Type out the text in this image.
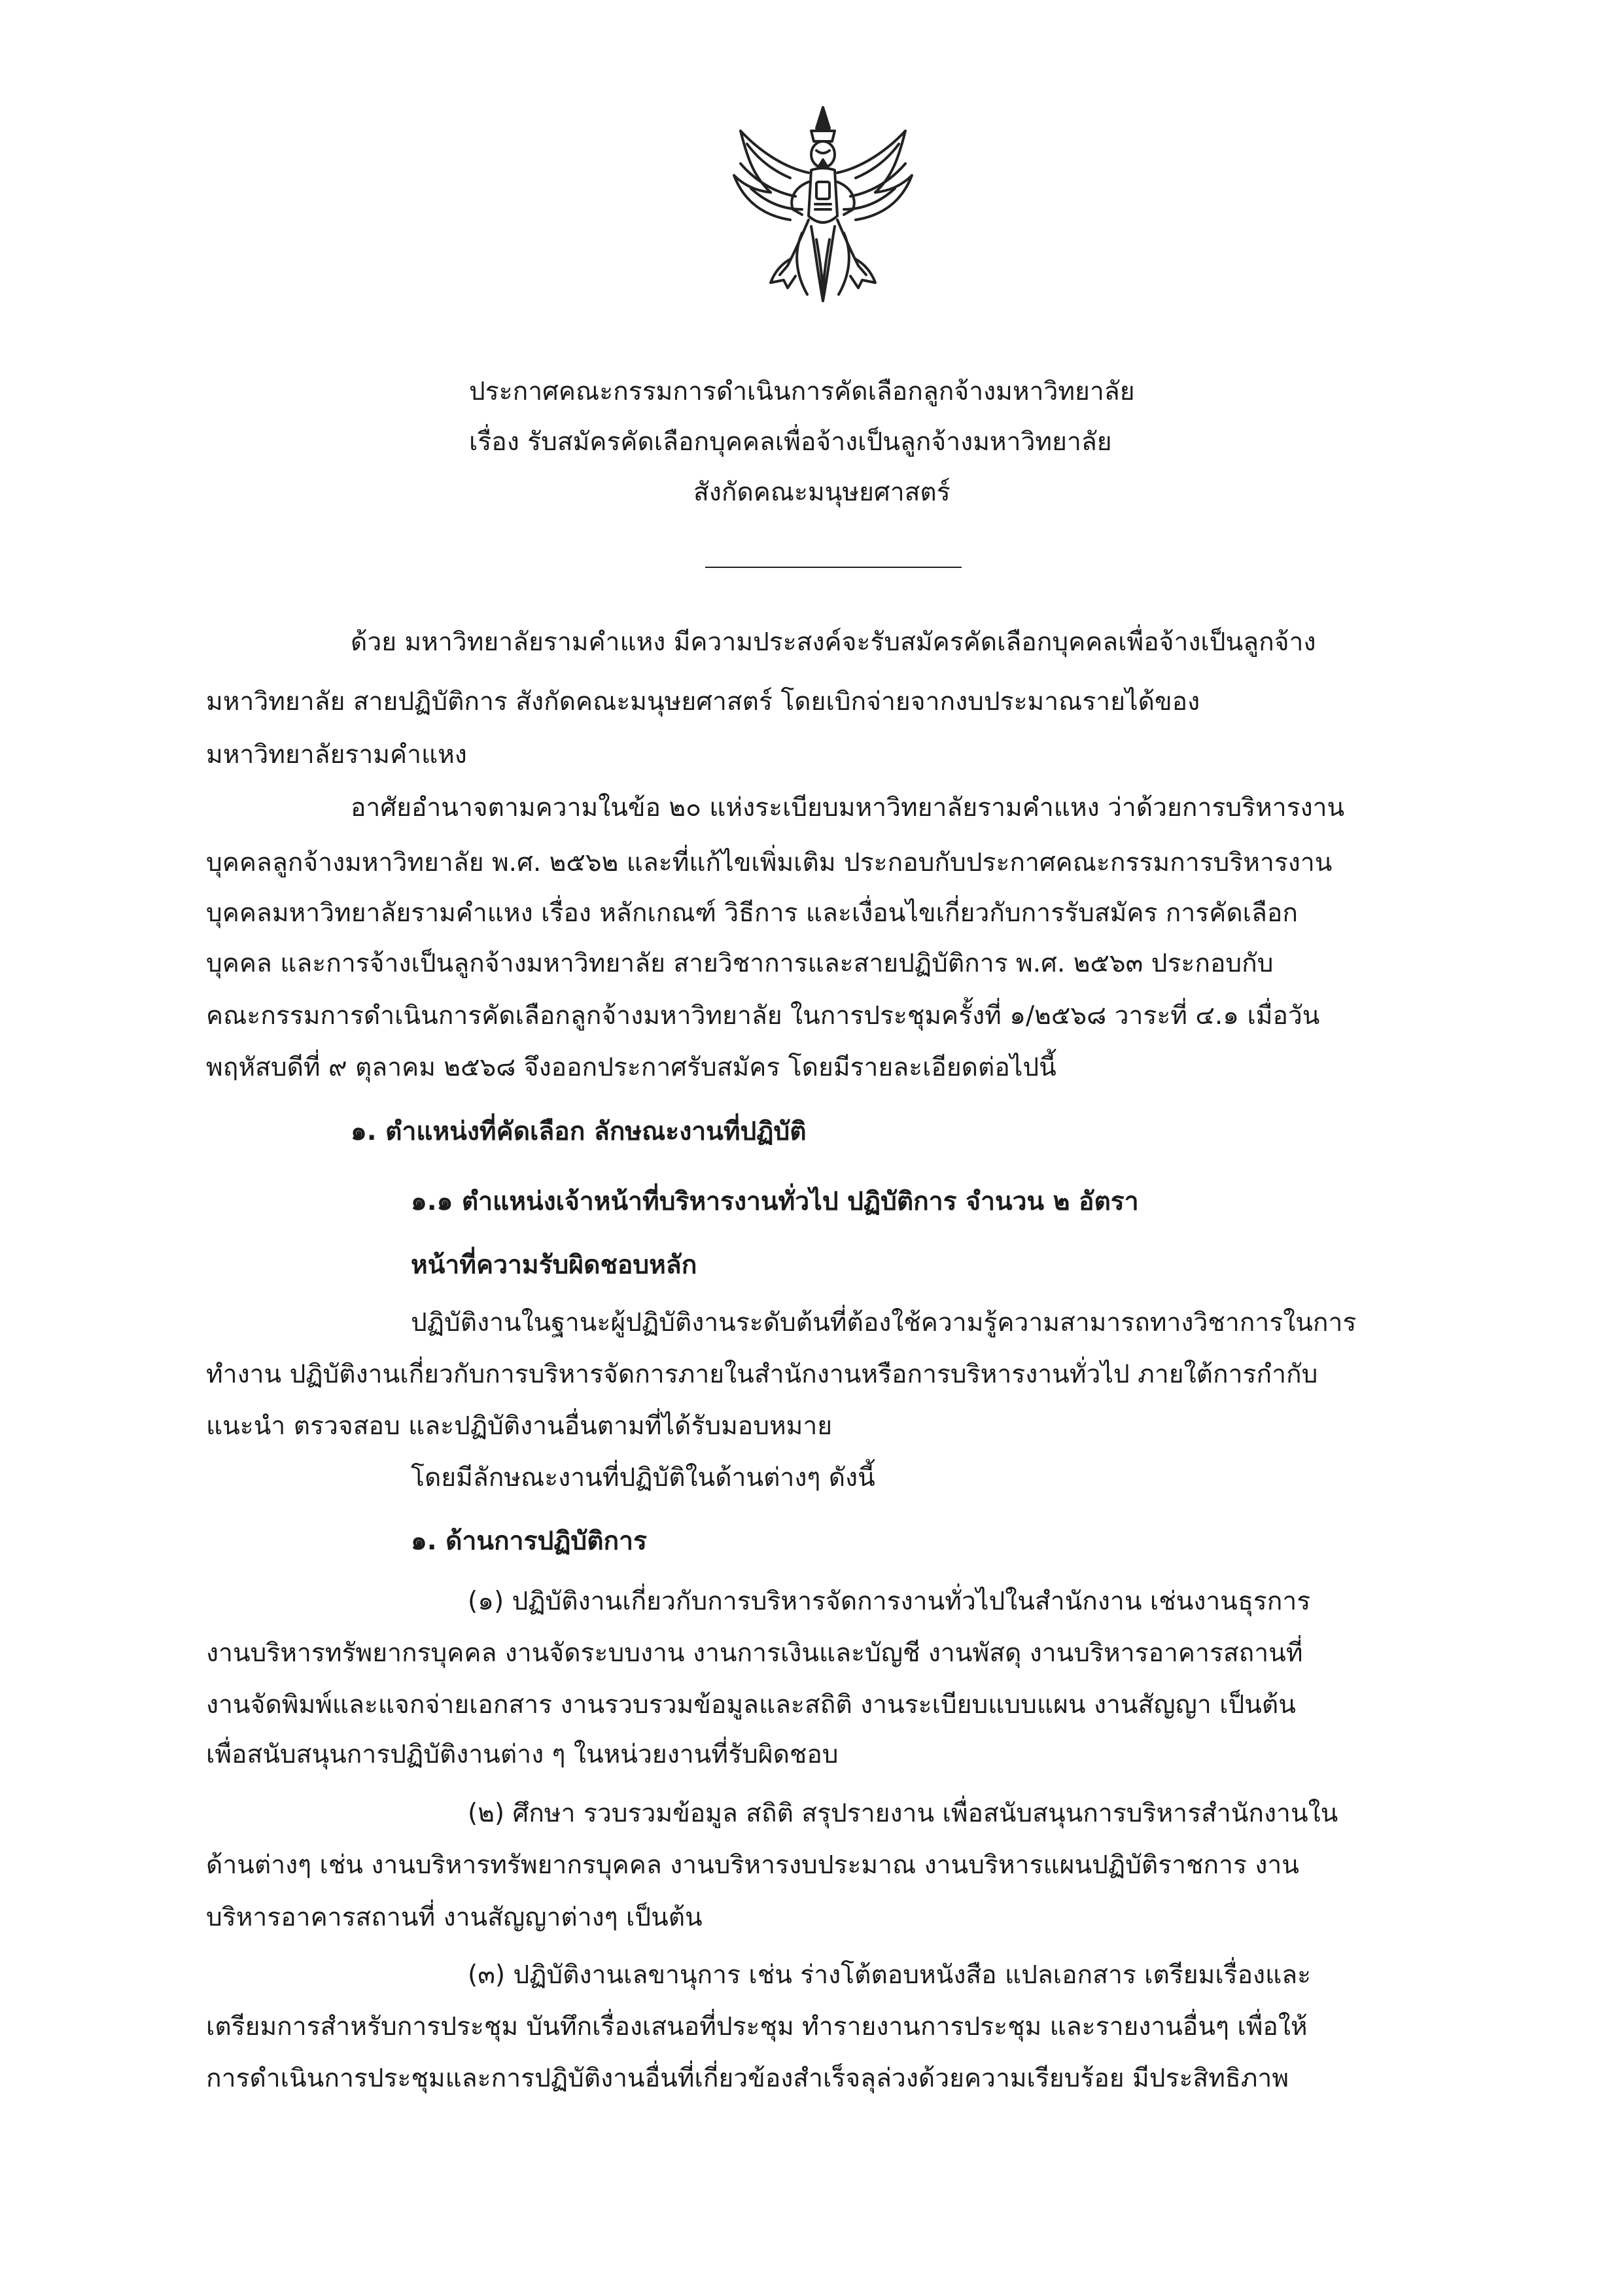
ประกาศคณะกรรมการดำเนินการคัดเลือกลูกจ้างมหาวิทยาลัย
เรื่อง รับสมัครคัดเลือกบุคคลเพื่อจ้างเป็นลูกจ้างมหาวิทยาลัย
สังกัดคณะมนุษยศาสตร์
ด้วย มหาวิทยาลัยรามคำแหง มีความประสงค์จะรับสมัครคัดเลือกบุคคลเพื่อจ้างเป็นลูกจ้าง
มหาวิทยาลัย สายปฏิบัติการ สังกัดคณะมนุษยศาสตร์ โดยเบิกจ่ายจากงบประมาณรายได้ของ
มหาวิทยาลัยรามคำแหง
อาศัยอำนาจตามความในข้อ ๒๐ แห่งระเบียบมหาวิทยาลัยรามคำแหง ว่าด้วยการบริหารงาน
บุคคลลูกจ้างมหาวิทยาลัย พ.ศ. ๒๕๖๒ และที่แก้ไขเพิ่มเติม ประกอบกับประกาศคณะกรรมการบริหารงาน
บุคคลมหาวิทยาลัยรามคำแหง เรื่อง หลักเกณฑ์ วิธีการ และเงื่อนไขเกี่ยวกับการรับสมัคร การคัดเลือก
บุคคล และการจ้างเป็นลูกจ้างมหาวิทยาลัย สายวิชาการและสายปฏิบัติการ พ.ศ. ๒๕๖๓ ประกอบกับ
คณะกรรมการดำเนินการคัดเลือกลูกจ้างมหาวิทยาลัย ในการประชุมครั้งที่ ๑/๒๕๖๘ วาระที่ ๔.๑ เมื่อวัน
พฤหัสบดีที่ ๙ ตุลาคม ๒๕๖๘ จึงออกประกาศรับสมัคร โดยมีรายละเอียดต่อไปนี้
๑. ตำแหน่งที่คัดเลือก ลักษณะงานที่ปฏิบัติ
๑.๑ ตำแหน่งเจ้าหน้าที่บริหารงานทั่วไป ปฏิบัติการ จำนวน ๒ อัตรา
หน้าที่ความรับผิดชอบหลัก
ปฏิบัติงานในฐานะผู้ปฏิบัติงานระดับต้นที่ต้องใช้ความรู้ความสามารถทางวิชาการในการ
ทำงาน ปฏิบัติงานเกี่ยวกับการบริหารจัดการภายในสำนักงานหรือการบริหารงานทั่วไป ภายใต้การกำกับ
แนะนำ ตรวจสอบ และปฏิบัติงานอื่นตามที่ได้รับมอบหมาย
โดยมีลักษณะงานที่ปฏิบัติในด้านต่างๆ ดังนี้
๑. ด้านการปฏิบัติการ
(๑) ปฏิบัติงานเกี่ยวกับการบริหารจัดการงานทั่วไปในสำนักงาน เช่นงานธุรการ
งานบริหารทรัพยากรบุคคล งานจัดระบบงาน งานการเงินและบัญชี งานพัสดุ งานบริหารอาคารสถานที่
งานจัดพิมพ์และแจกจ่ายเอกสาร งานรวบรวมข้อมูลและสถิติ งานระเบียบแบบแผน งานสัญญา เป็นต้น
เพื่อสนับสนุนการปฏิบัติงานต่าง ๆ ในหน่วยงานที่รับผิดชอบ
(๒) ศึกษา รวบรวมข้อมูล สถิติ สรุปรายงาน เพื่อสนับสนุนการบริหารสำนักงานใน
ด้านต่างๆ เช่น งานบริหารทรัพยากรบุคคล งานบริหารงบประมาณ งานบริหารแผนปฏิบัติราชการ งาน
บริหารอาคารสถานที่ งานสัญญาต่างๆ เป็นต้น
(๓) ปฏิบัติงานเลขานุการ เช่น ร่างโต้ตอบหนังสือ แปลเอกสาร เตรียมเรื่องและ
เตรียมการสำหรับการประชุม บันทึกเรื่องเสนอที่ประชุม ทำรายงานการประชุม และรายงานอื่นๆ เพื่อให้
การดำเนินการประชุมและการปฏิบัติงานอื่นที่เกี่ยวข้องสำเร็จลุล่วงด้วยความเรียบร้อย มีประสิทธิภาพ
